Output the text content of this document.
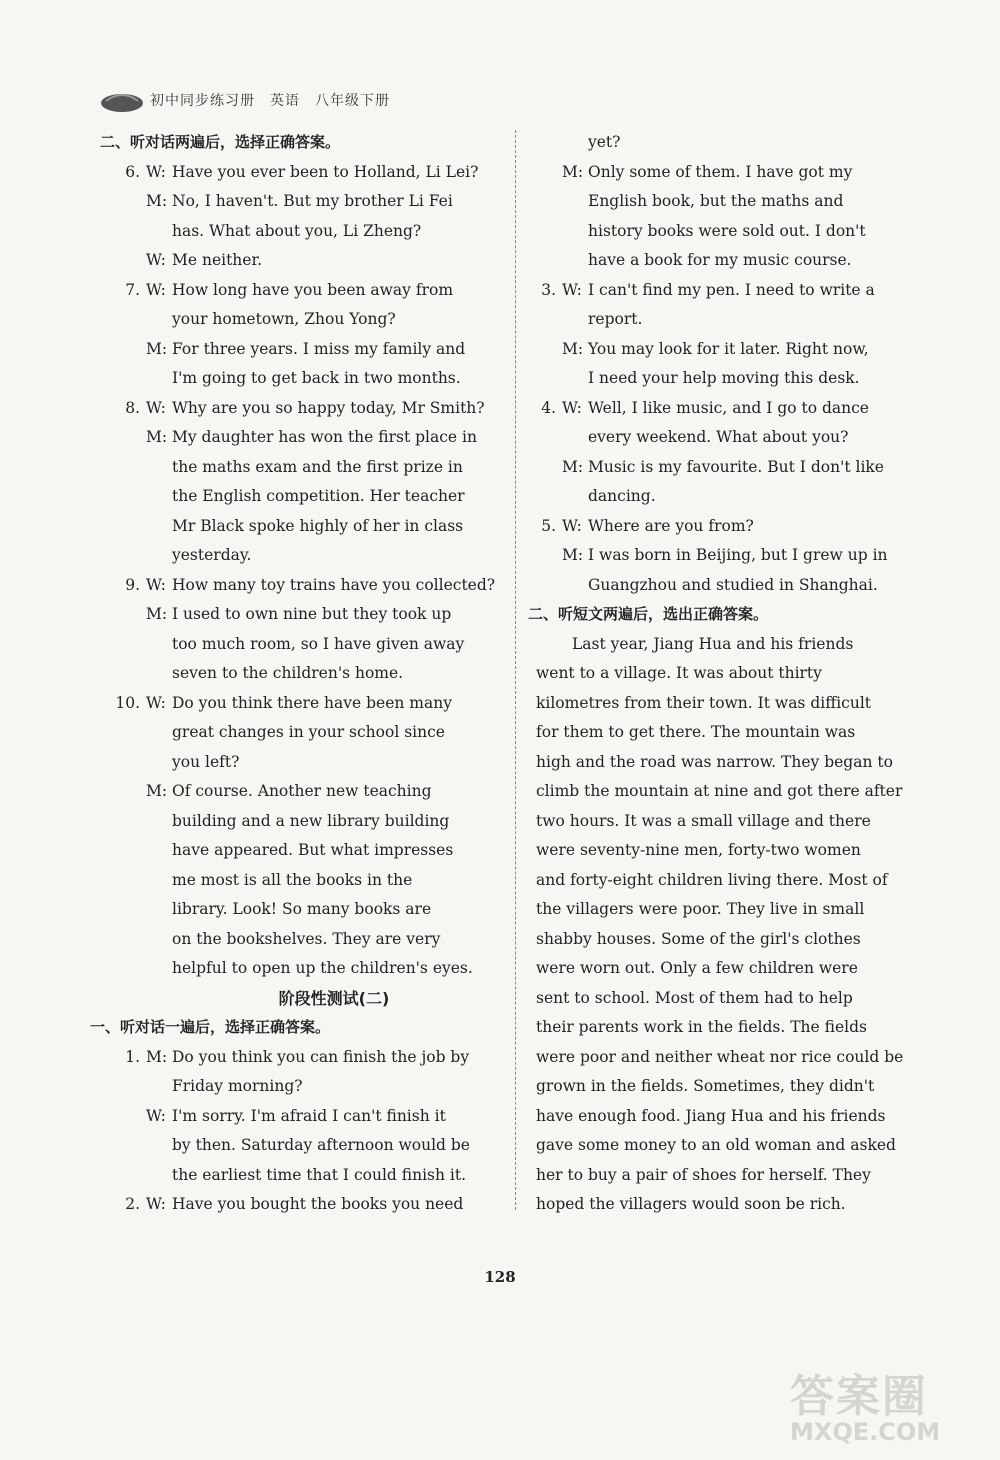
初中同步练习册　英语　八年级下册
二、听对话两遍后，选择正确答案。
6. W: Have you ever been to Holland, Li Lei?
M: No, I haven't. But my brother Li Fei
has. What about you, Li Zheng?
W: Me neither.
7. W: How long have you been away from
your hometown, Zhou Yong?
M: For three years. I miss my family and
I'm going to get back in two months.
8. W: Why are you so happy today, Mr Smith?
M: My daughter has won the first place in
the maths exam and the first prize in
the English competition. Her teacher
Mr Black spoke highly of her in class
yesterday.
9. W: How many toy trains have you collected?
M: I used to own nine but they took up
too much room, so I have given away
seven to the children's home.
10. W: Do you think there have been many
great changes in your school since
you left?
M: Of course. Another new teaching
building and a new library building
have appeared. But what impresses
me most is all the books in the
library. Look! So many books are
on the bookshelves. They are very
helpful to open up the children's eyes.
阶段性测试(二)
一、听对话一遍后，选择正确答案。
1. M: Do you think you can finish the job by
Friday morning?
W: I'm sorry. I'm afraid I can't finish it
by then. Saturday afternoon would be
the earliest time that I could finish it.
2. W: Have you bought the books you need
yet?
M: Only some of them. I have got my
English book, but the maths and
history books were sold out. I don't
have a book for my music course.
3. W: I can't find my pen. I need to write a
report.
M: You may look for it later. Right now,
I need your help moving this desk.
4. W: Well, I like music, and I go to dance
every weekend. What about you?
M: Music is my favourite. But I don't like
dancing.
5. W: Where are you from?
M: I was born in Beijing, but I grew up in
Guangzhou and studied in Shanghai.
二、听短文两遍后，选出正确答案。
Last year, Jiang Hua and his friends
went to a village. It was about thirty
kilometres from their town. It was difficult
for them to get there. The mountain was
high and the road was narrow. They began to
climb the mountain at nine and got there after
two hours. It was a small village and there
were seventy-nine men, forty-two women
and forty-eight children living there. Most of
the villagers were poor. They live in small
shabby houses. Some of the girl's clothes
were worn out. Only a few children were
sent to school. Most of them had to help
their parents work in the fields. The fields
were poor and neither wheat nor rice could be
grown in the fields. Sometimes, they didn't
have enough food. Jiang Hua and his friends
gave some money to an old woman and asked
her to buy a pair of shoes for herself. They
hoped the villagers would soon be rich.
128
答案圈
MXQE.COM
